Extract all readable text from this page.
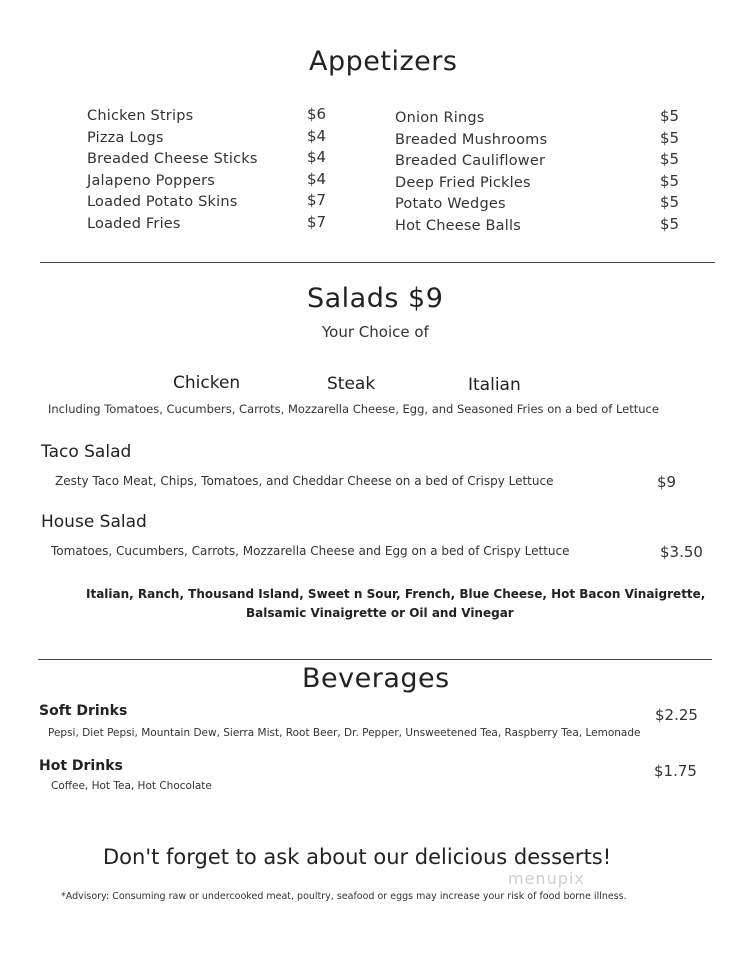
Appetizers
Chicken Strips	$6
Pizza Logs	$4
Breaded Cheese Sticks	$4
Jalapeno Poppers	$4
Loaded Potato Skins	$7
Loaded Fries	$7
Onion Rings	$5
Breaded Mushrooms	$5
Breaded Cauliflower	$5
Deep Fried Pickles	$5
Potato Wedges	$5
Hot Cheese Balls	$5
Salads $9
Your Choice of
Chicken	Steak	Italian
Including Tomatoes, Cucumbers, Carrots, Mozzarella Cheese, Egg, and Seasoned Fries on a bed of Lettuce
Taco Salad
Zesty Taco Meat, Chips, Tomatoes, and Cheddar Cheese on a bed of Crispy Lettuce	$9
House Salad
Tomatoes, Cucumbers, Carrots, Mozzarella Cheese and Egg on a bed of Crispy Lettuce	$3.50
Italian, Ranch, Thousand Island, Sweet n Sour, French, Blue Cheese, Hot Bacon Vinaigrette,
Balsamic Vinaigrette or Oil and Vinegar
Beverages
Soft Drinks
Pepsi, Diet Pepsi, Mountain Dew, Sierra Mist, Root Beer, Dr. Pepper, Unsweetened Tea, Raspberry Tea, Lemonade
$2.25
Hot Drinks
Coffee, Hot Tea, Hot Chocolate
$1.75
Don't forget to ask about our delicious desserts!
menupix
*Advisory: Consuming raw or undercooked meat, poultry, seafood or eggs may increase your risk of food borne illness.
